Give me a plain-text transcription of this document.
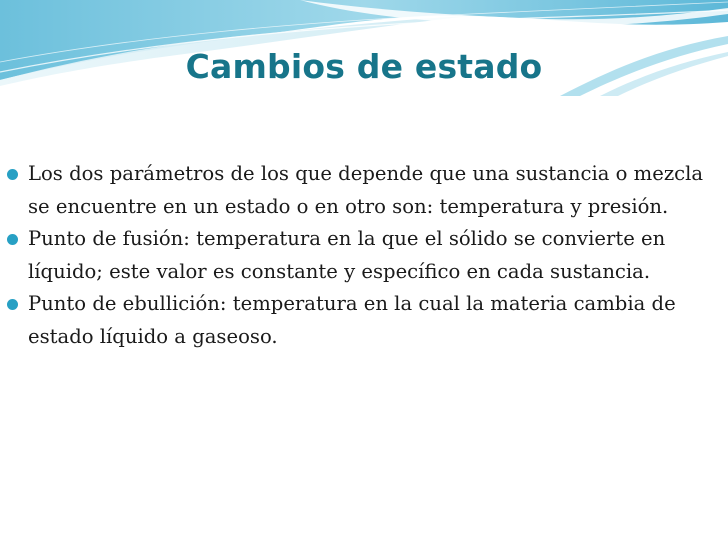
Cambios de estado
Los dos parámetros de los que depende que una sustancia o mezcla se encuentre en un estado o en otro son: temperatura y presión.
Punto de fusión: temperatura en la que el sólido se convierte en líquido; este valor es constante y específico en cada sustancia.
Punto de ebullición: temperatura en la cual la materia cambia de estado líquido a gaseoso.
